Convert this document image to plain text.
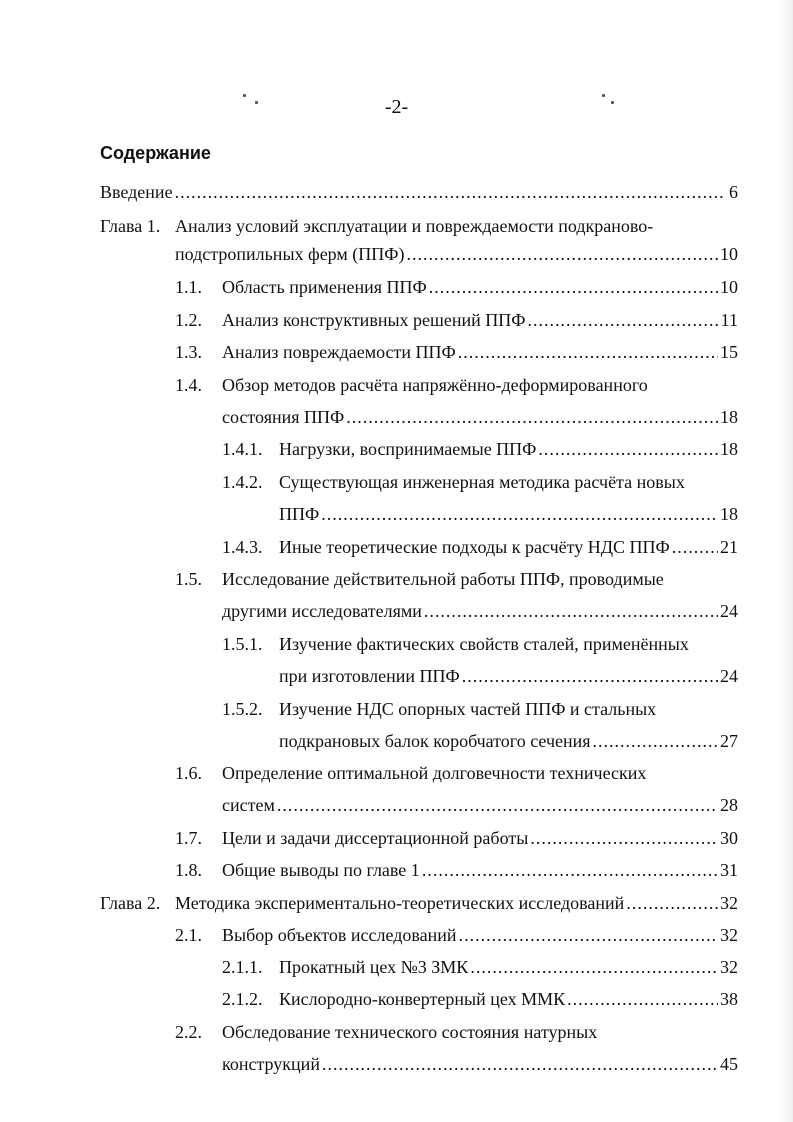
-2-
Содержание
Введение .....	6
Глава 1. Анализ условий эксплуатации и повреждаемости подкраново-
подстропильных ферм (ППФ) .....	10
1.1. Область применения ППФ .....	10
1.2. Анализ конструктивных решений ППФ .....	11
1.3. Анализ повреждаемости ППФ .....	15
1.4. Обзор методов расчёта напряжённо-деформированного
состояния ППФ .....	18
1.4.1. Нагрузки, воспринимаемые ППФ .....	18
1.4.2. Существующая инженерная методика расчёта новых
ППФ .....	18
1.4.3. Иные теоретические подходы к расчёту НДС ППФ .....	21
1.5. Исследование действительной работы ППФ, проводимые
другими исследователями .....	24
1.5.1. Изучение фактических свойств сталей, применённых
при изготовлении ППФ .....	24
1.5.2. Изучение НДС опорных частей ППФ и стальных
подкрановых балок коробчатого сечения .....	27
1.6. Определение оптимальной долговечности технических
систем .....	28
1.7. Цели и задачи диссертационной работы .....	30
1.8. Общие выводы по главе 1 .....	31
Глава 2. Методика экспериментально-теоретических исследований .....	32
2.1. Выбор объектов исследований .....	32
2.1.1. Прокатный цех №3 ЗМК .....	32
2.1.2. Кислородно-конвертерный цех ММК .....	38
2.2. Обследование технического состояния натурных
конструкций .....	45
